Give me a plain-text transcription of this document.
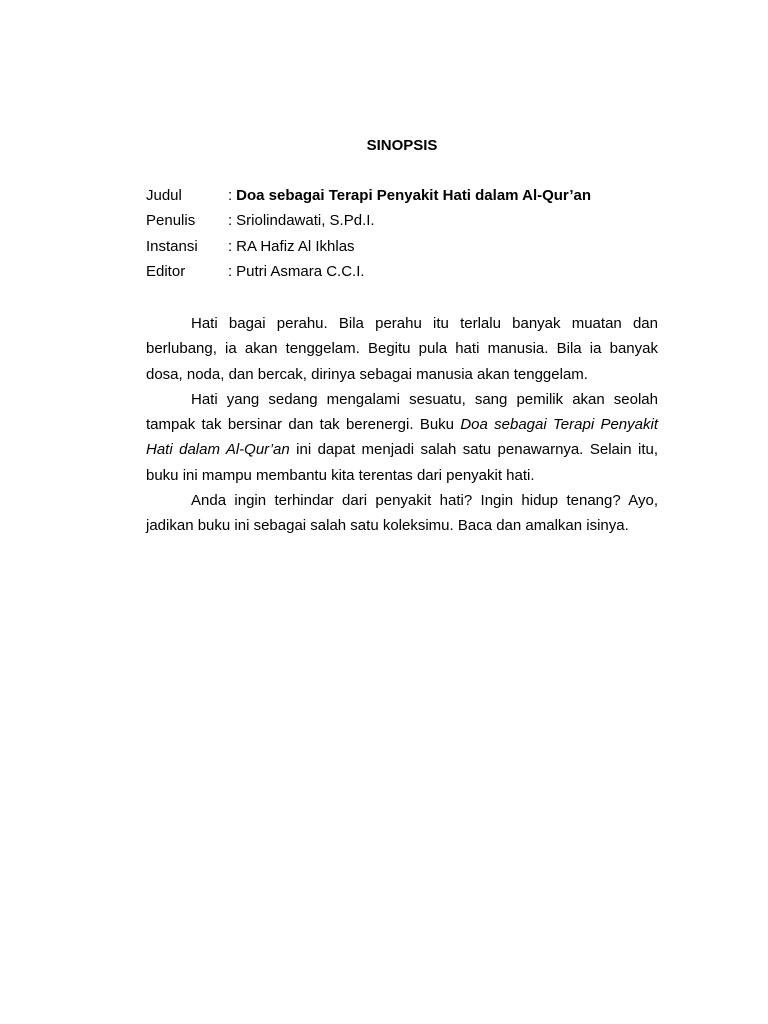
SINOPSIS
Judul	: Doa sebagai Terapi Penyakit Hati dalam Al-Qur’an
Penulis	: Sriolindawati, S.Pd.I.
Instansi	: RA Hafiz Al Ikhlas
Editor	: Putri Asmara C.C.I.

Hati bagai perahu. Bila perahu itu terlalu banyak muatan dan berlubang, ia akan tenggelam. Begitu pula hati manusia. Bila ia banyak dosa, noda, dan bercak, dirinya sebagai manusia akan tenggelam.

Hati yang sedang mengalami sesuatu, sang pemilik akan seolah tampak tak bersinar dan tak berenergi. Buku Doa sebagai Terapi Penyakit Hati dalam Al-Qur’an ini dapat menjadi salah satu penawarnya. Selain itu, buku ini mampu membantu kita terentas dari penyakit hati.

Anda ingin terhindar dari penyakit hati? Ingin hidup tenang? Ayo, jadikan buku ini sebagai salah satu koleksimu. Baca dan amalkan isinya.
